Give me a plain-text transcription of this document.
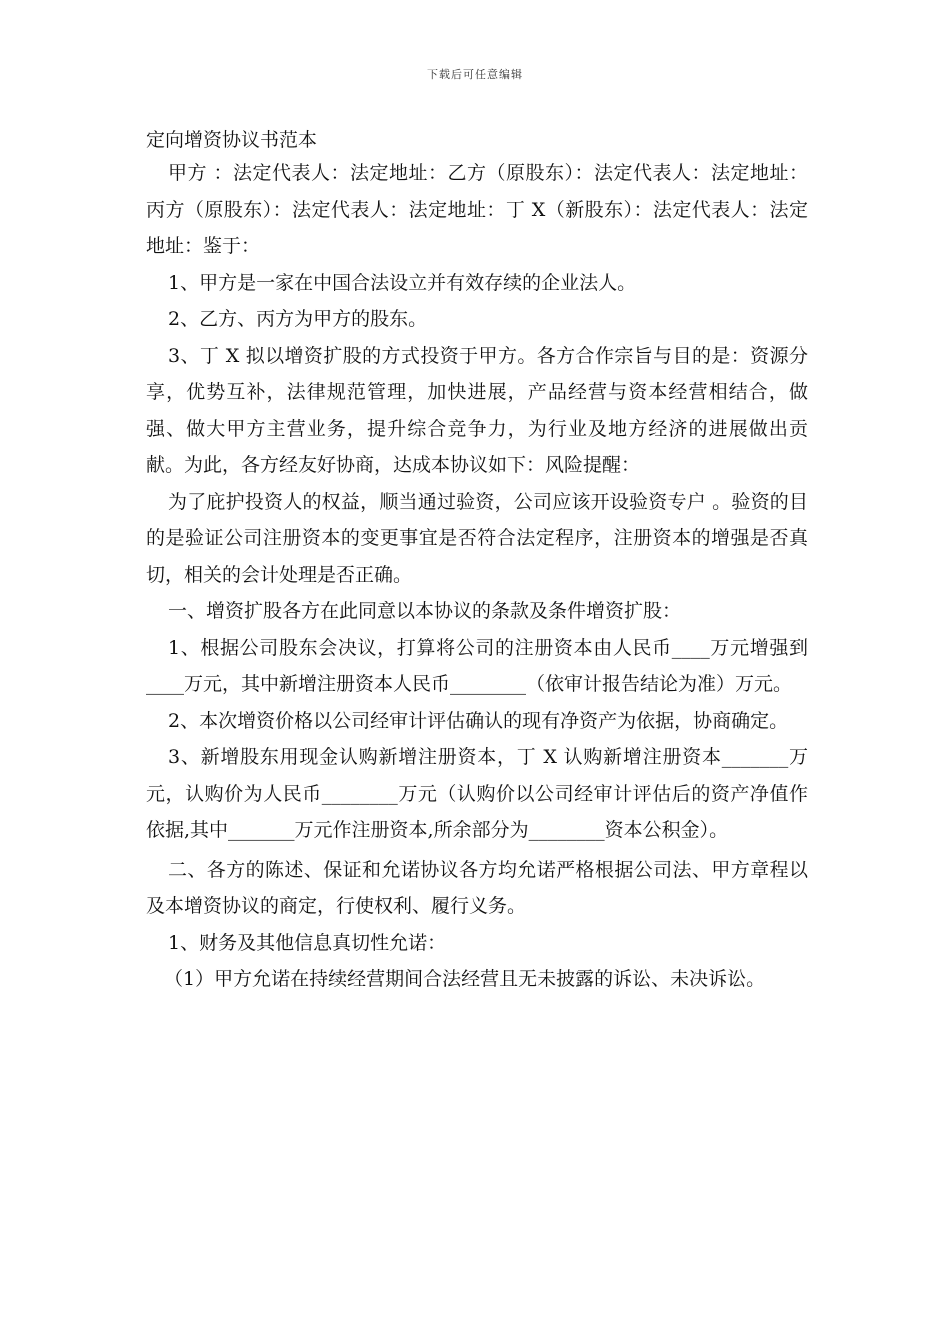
下载后可任意编辑
定向增资协议书范本

甲方 ：法定代表人：法定地址：乙方（原股东）：法定代表人：法定地址：丙方（原股东）：法定代表人：法定地址：丁 X（新股东）：法定代表人：法定地址：鉴于：

1、甲方是一家在中国合法设立并有效存续的企业法人。

2、乙方、丙方为甲方的股东。

3、丁 X 拟以增资扩股的方式投资于甲方。各方合作宗旨与目的是：资源分享，优势互补，法律规范管理，加快进展，产品经营与资本经营相结合，做强、做大甲方主营业务，提升综合竞争力，为行业及地方经济的进展做出贡献。为此，各方经友好协商，达成本协议如下：风险提醒：

为了庇护投资人的权益，顺当通过验资，公司应该开设验资专户 。验资的目的是验证公司注册资本的变更事宜是否符合法定程序，注册资本的增强是否真切，相关的会计处理是否正确。

一、增资扩股各方在此同意以本协议的条款及条件增资扩股：

1、根据公司股东会决议，打算将公司的注册资本由人民币____万元增强到____万元，其中新增注册资本人民币________（依审计报告结论为准）万元。

2、本次增资价格以公司经审计评估确认的现有净资产为依据，协商确定。

3、新增股东用现金认购新增注册资本，丁 X 认购新增注册资本_______万元，认购价为人民币________万元（认购价以公司经审计评估后的资产净值作依据,其中_______万元作注册资本,所余部分为________资本公积金）。

二、各方的陈述、保证和允诺协议各方均允诺严格根据公司法、甲方章程以及本增资协议的商定，行使权利、履行义务。

1、财务及其他信息真切性允诺：

（1）甲方允诺在持续经营期间合法经营且无未披露的诉讼、未决诉讼。
